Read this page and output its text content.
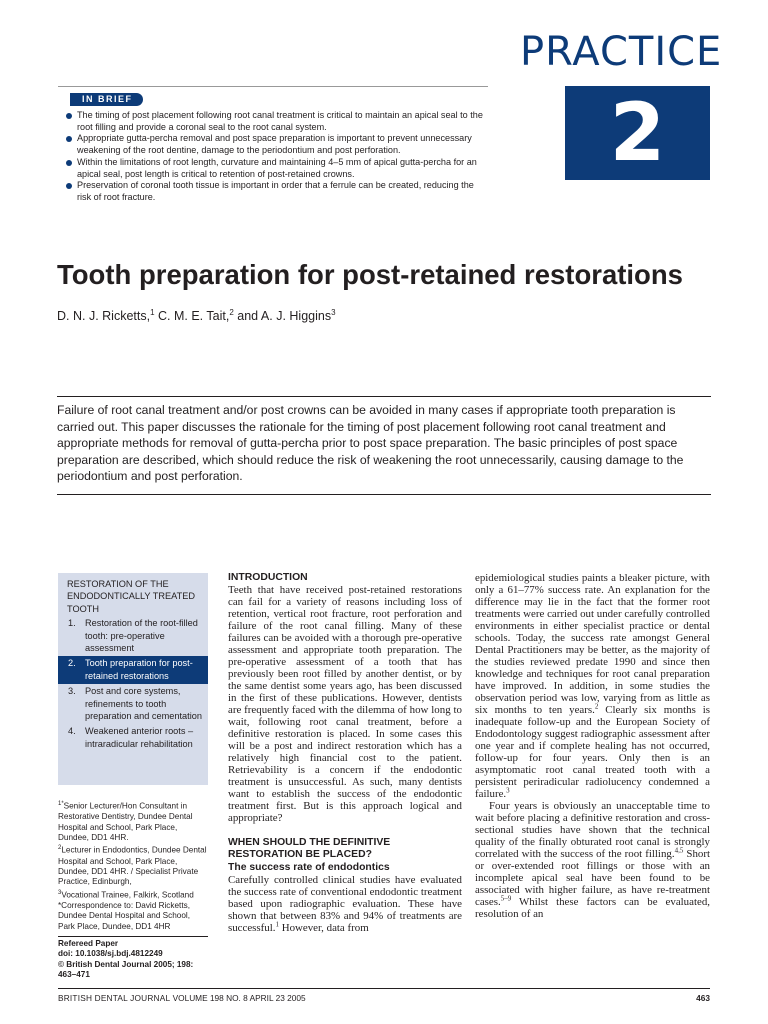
PRACTICE
2
IN BRIEF
The timing of post placement following root canal treatment is critical to maintain an apical seal to the root filling and provide a coronal seal to the root canal system.
Appropriate gutta-percha removal and post space preparation is important to prevent unnecessary weakening of the root dentine, damage to the periodontium and post perforation.
Within the limitations of root length, curvature and maintaining 4–5 mm of apical gutta-percha for an apical seal, post length is critical to retention of post-retained crowns.
Preservation of coronal tooth tissue is important in order that a ferrule can be created, reducing the risk of root fracture.
Tooth preparation for post-retained restorations
D. N. J. Ricketts,$^1$ C. M. E. Tait,$^2$ and A. J. Higgins$^3$
Failure of root canal treatment and/or post crowns can be avoided in many cases if appropriate tooth preparation is carried out. This paper discusses the rationale for the timing of post placement following root canal treatment and appropriate methods for removal of gutta-percha prior to post space preparation. The basic principles of post space preparation are described, which should reduce the risk of weakening the root unnecessarily, causing damage to the periodontium and post perforation.
RESTORATION OF THE ENDODONTICALLY TREATED TOOTH
1. Restoration of the root-filled tooth: pre-operative assessment
2. Tooth preparation for post-retained restorations
3. Post and core systems, refinements to tooth preparation and cementation
4. Weakened anterior roots – intraradicular rehabilitation
$^{1*}$Senior Lecturer/Hon Consultant in Restorative Dentistry, Dundee Dental Hospital and School, Park Place, Dundee, DD1 4HR.
$^2$Lecturer in Endodontics, Dundee Dental Hospital and School, Park Place, Dundee, DD1 4HR. / Specialist Private Practice, Edinburgh,
$^3$Vocational Trainee, Falkirk, Scotland
*Correspondence to: David Ricketts, Dundee Dental Hospital and School, Park Place, Dundee, DD1 4HR
Refereed Paper
doi: 10.1038/sj.bdj.4812249
© British Dental Journal 2005; 198: 463–471
INTRODUCTION

Teeth that have received post-retained restorations can fail for a variety of reasons including loss of retention, vertical root fracture, root perforation and failure of the root canal filling. Many of these failures can be avoided with a thorough pre-operative assessment and appropriate tooth preparation. The pre-operative assessment of a tooth that has previously been root filled by another dentist, or by the same dentist some years ago, has been discussed in the first of these publications. However, dentists are frequently faced with the dilemma of how long to wait, following root canal treatment, before a definitive restoration is placed. In some cases this will be a post and indirect restoration which has a relatively high financial cost to the patient. Retrievability is a concern if the endodontic treatment is unsuccessful. As such, many dentists want to establish the success of the endodontic treatment first. But is this approach logical and appropriate?

WHEN SHOULD THE DEFINITIVE RESTORATION BE PLACED?
The success rate of endodontics

Carefully controlled clinical studies have evaluated the success rate of conventional endodontic treatment based upon radiographic evaluation. These have shown that between 83% and 94% of treatments are successful.$^1$ However, data from

epidemiological studies paints a bleaker picture, with only a 61–77% success rate. An explanation for the difference may lie in the fact that the former root treatments were carried out under carefully controlled environments in either specialist practice or dental schools. Today, the success rate amongst General Dental Practitioners may be better, as the majority of the studies reviewed predate 1990 and since then knowledge and techniques for root canal preparation have improved. In addition, in some studies the observation period was low, varying from as little as six months to ten years.$^2$ Clearly six months is inadequate follow-up and the European Society of Endodontology suggest radiographic assessment after one year and if complete healing has not occurred, follow-up for four years. Only then is an asymptomatic root canal treated tooth with a persistent periradicular radiolucency condemned a failure.$^3$

Four years is obviously an unacceptable time to wait before placing a definitive restoration and cross-sectional studies have shown that the technical quality of the finally obturated root canal is strongly correlated with the success of the root filling.$^{4,5}$ Short or over-extended root fillings or those with an incomplete apical seal have been found to be associated with higher failure, as have re-treatment cases.$^{5-9}$ Whilst these factors can be evaluated, resolution of an

BRITISH DENTAL JOURNAL VOLUME 198 NO. 8 APRIL 23 2005	463
